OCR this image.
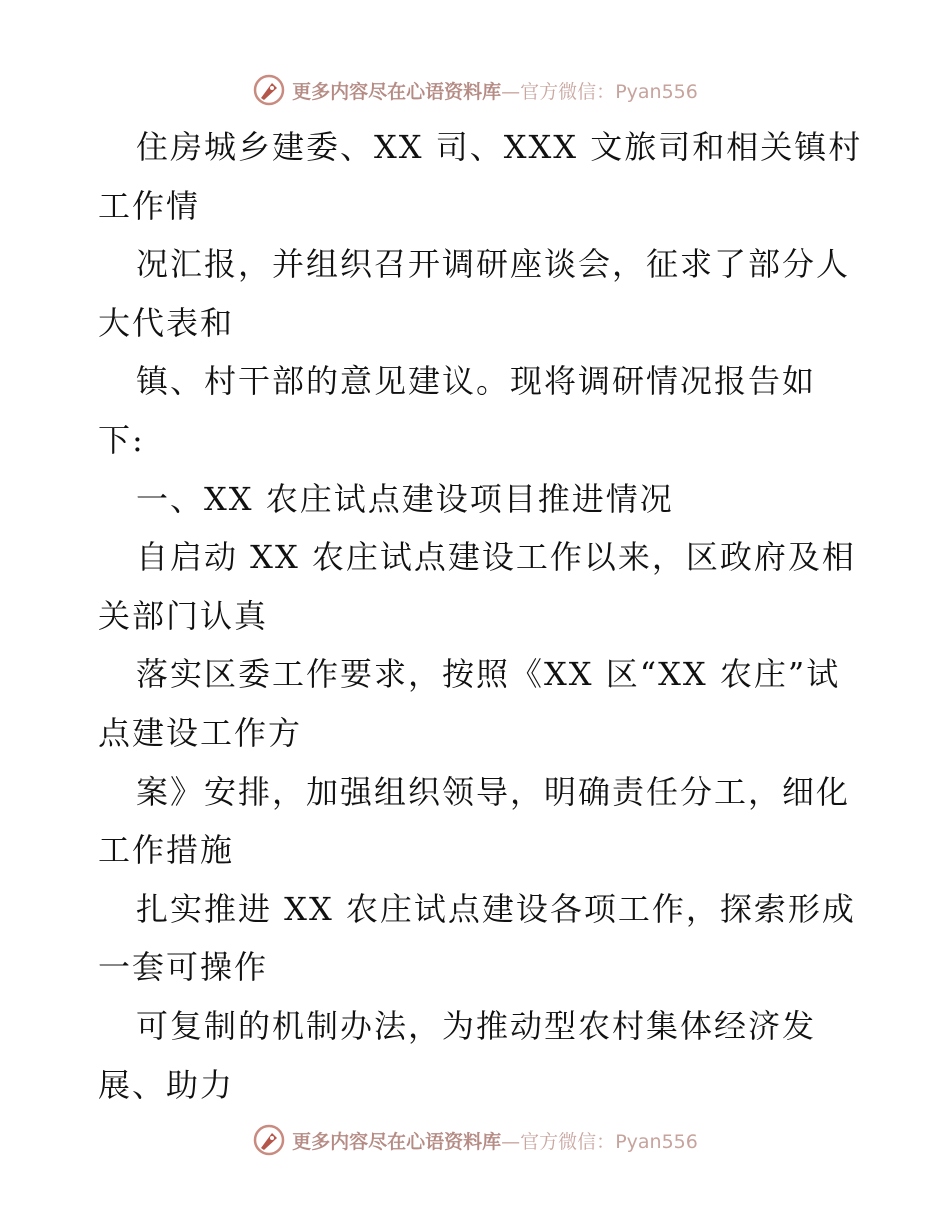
更多内容尽在心语资料库—官方微信：Pyan556
住房城乡建委、XX 司、XXX 文旅司和相关镇村
工作情
况汇报，并组织召开调研座谈会，征求了部分人
大代表和
镇、村干部的意见建议。现将调研情况报告如
下:
一、XX 农庄试点建设项目推进情况
自启动 XX 农庄试点建设工作以来，区政府及相
关部门认真
落实区委工作要求，按照《XX 区“XX 农庄”试
点建设工作方
案》安排，加强组织领导，明确责任分工，细化
工作措施
扎实推进 XX 农庄试点建设各项工作，探索形成
一套可操作
可复制的机制办法，为推动型农村集体经济发
展、助力
更多内容尽在心语资料库—官方微信：Pyan556
